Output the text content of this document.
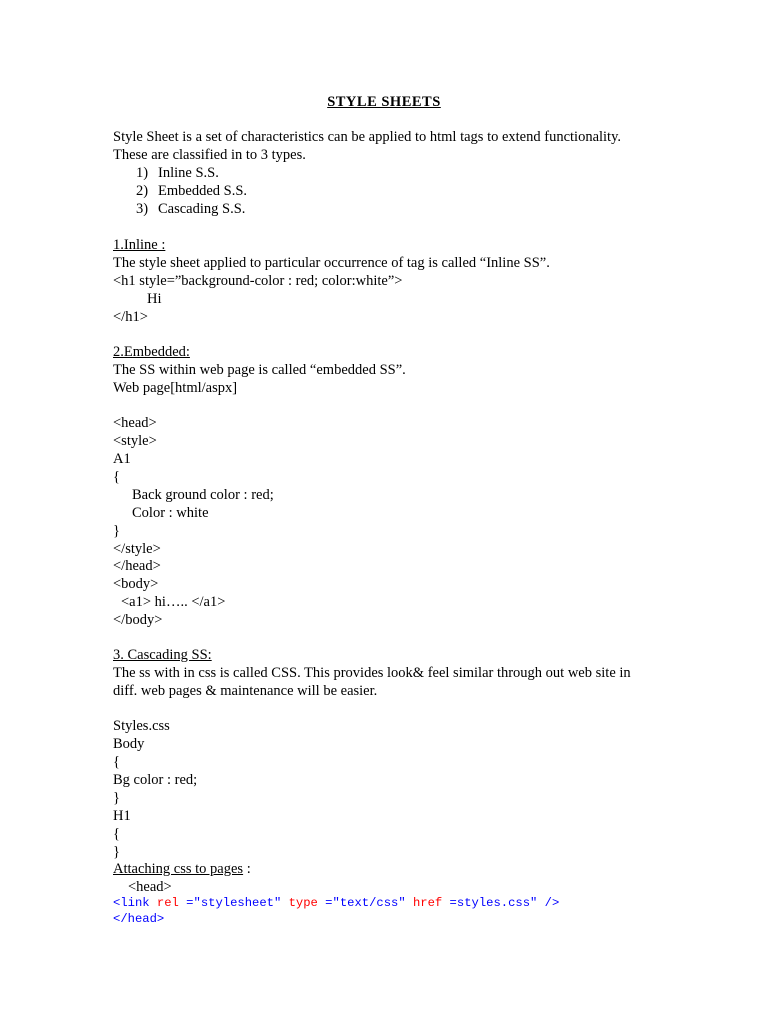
STYLE SHEETS
Style Sheet is a set of characteristics can be applied to html tags to extend functionality.
These are classified in to 3 types.
1) Inline S.S.
2) Embedded S.S.
3) Cascading S.S.
1.Inline :
The style sheet applied to particular occurrence of tag is called “Inline SS”.
<h1 style=”background-color : red; color:white”>
Hi
</h1>
2.Embedded:
The SS within web page is called “embedded SS”.
Web page[html/aspx]
<head>
<style>
A1
{
Back ground color : red;
Color : white
}
</style>
</head>
<body>
<a1> hi….. </a1>
</body>
3. Cascading SS:
The ss with in css is called CSS. This provides look& feel similar through out web site in
diff. web pages & maintenance will be easier.
Styles.css
Body
{
Bg color : red;
}
H1
{
}
Attaching css to pages :
<head>
<link rel ="stylesheet" type ="text/css" href =styles.css" />
</head>
